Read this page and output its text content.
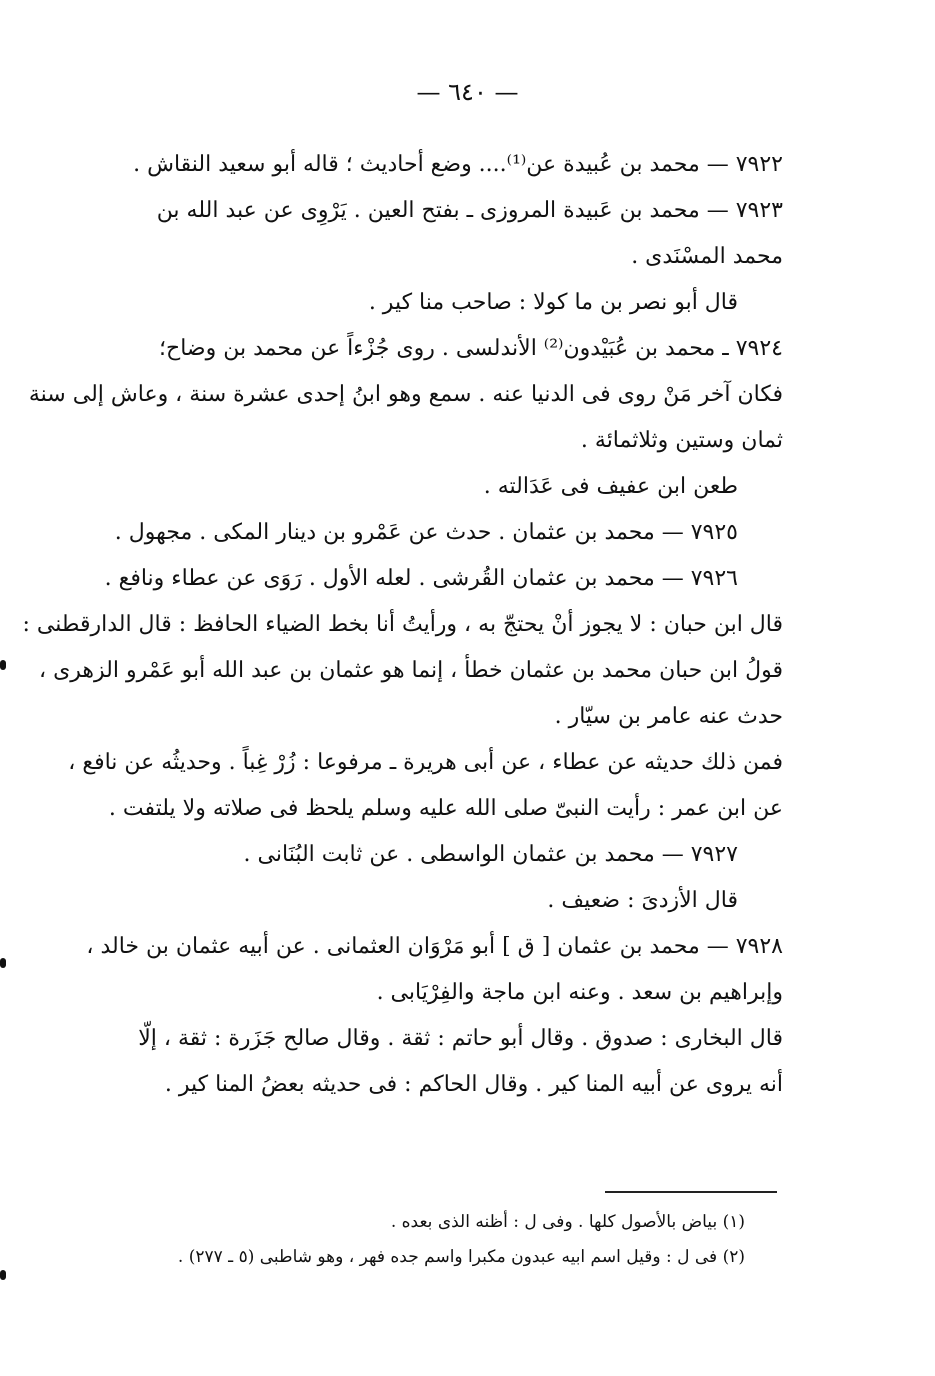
— ٦٤٠ —
٧٩٢٢ — محمد بن عُبيدة عن⁽¹⁾.... وضع أحاديث ؛ قاله أبو سعيد النقاش .
٧٩٢٣ — محمد بن عَبيدة المروزى ـ بفتح العين . يَرْوِى عن عبد الله بن
محمد المسْنَدى .
قال أبو نصر بن ما كولا : صاحب منا كير .
٧٩٢٤ ـ محمد بن عُبَيْدون⁽²⁾ الأندلسى . روى جُزْءاً عن محمد بن وضاح؛
فكان آخر مَنْ روى فى الدنيا عنه . سمع وهو ابنُ إحدى عشرة سنة ، وعاش إلى سنة
ثمان وستين وثلاثمائة .
طعن ابن عفيف فى عَدَالته .
٧٩٢٥ — محمد بن عثمان . حدث عن عَمْرو بن دينار المكى . مجهول .
٧٩٢٦ — محمد بن عثمان القُرشى . لعله الأول . رَوَى عن عطاء ونافع .
قال ابن حبان : لا يجوز أنْ يحتجّ به ، ورأيتُ أنا بخط الضياء الحافظ : قال الدارقطنى :
قولُ ابن حبان محمد بن عثمان خطأ ، إنما هو عثمان بن عبد الله أبو عَمْرو الزهرى ،
حدث عنه عامر بن سيّار .
فمن ذلك حديثه عن عطاء ، عن أبى هريرة ـ مرفوعا : زُرْ غِباً . وحديثُه عن نافع ،
عن ابن عمر : رأيت النبىّ صلى الله عليه وسلم يلحظ فى صلاته ولا يلتفت .
٧٩٢٧ — محمد بن عثمان الواسطى . عن ثابت البُنَانى .
قال الأزدىَ : ضعيف .
٧٩٢٨ — محمد بن عثمان [ ق ] أبو مَرْوَان العثمانى . عن أبيه عثمان بن خالد ،
وإبراهيم بن سعد . وعنه ابن ماجة والفِرْيَابى .
قال البخارى : صدوق . وقال أبو حاتم : ثقة . وقال صالح جَزَرة : ثقة ، إلّا
أنه يروى عن أبيه المنا كير . وقال الحاكم : فى حديثه بعضُ المنا كير .
(١) بياض بالأصول كلها . وفى ل : أظنه الذى بعده .
(٢) فى ل : وقيل اسم ابيه عبدون مكبرا واسم جده فهر ، وهو شاطبى (٥ ـ ٢٧٧) .
